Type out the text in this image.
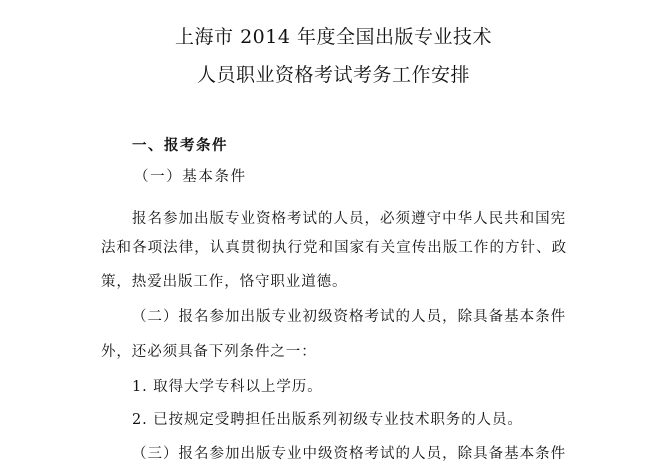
上海市 2014 年度全国出版专业技术
人员职业资格考试考务工作安排
一、报考条件
（一）基本条件
报名参加出版专业资格考试的人员，必须遵守中华人民共和国宪
法和各项法律，认真贯彻执行党和国家有关宣传出版工作的方针、政
策，热爱出版工作，恪守职业道德。
（二）报名参加出版专业初级资格考试的人员，除具备基本条件
外，还必须具备下列条件之一：
1. 取得大学专科以上学历。
2. 已按规定受聘担任出版系列初级专业技术职务的人员。
（三）报名参加出版专业中级资格考试的人员，除具备基本条件
